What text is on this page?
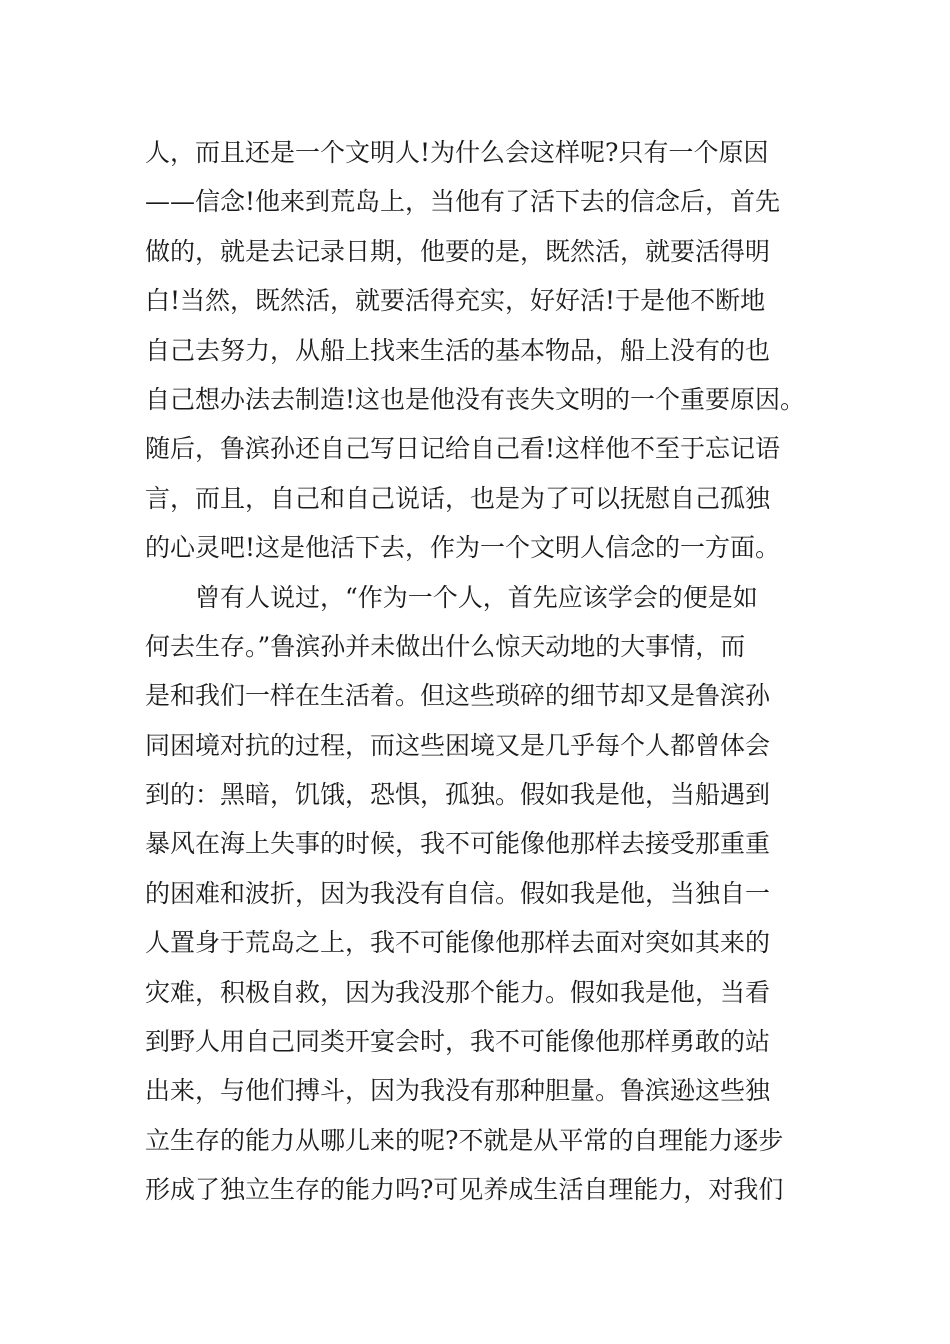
人，而且还是一个文明人!为什么会这样呢?只有一个原因
——信念!他来到荒岛上，当他有了活下去的信念后，首先
做的，就是去记录日期，他要的是，既然活，就要活得明
白!当然，既然活，就要活得充实，好好活!于是他不断地
自己去努力，从船上找来生活的基本物品，船上没有的也
自己想办法去制造!这也是他没有丧失文明的一个重要原因。
随后，鲁滨孙还自己写日记给自己看!这样他不至于忘记语
言，而且，自己和自己说话，也是为了可以抚慰自己孤独
的心灵吧!这是他活下去，作为一个文明人信念的一方面。
曾有人说过，“作为一个人，首先应该学会的便是如
何去生存。”鲁滨孙并未做出什么惊天动地的大事情，而
是和我们一样在生活着。但这些琐碎的细节却又是鲁滨孙
同困境对抗的过程，而这些困境又是几乎每个人都曾体会
到的：黑暗，饥饿，恐惧，孤独。假如我是他，当船遇到
暴风在海上失事的时候，我不可能像他那样去接受那重重
的困难和波折，因为我没有自信。假如我是他，当独自一
人置身于荒岛之上，我不可能像他那样去面对突如其来的
灾难，积极自救，因为我没那个能力。假如我是他，当看
到野人用自己同类开宴会时，我不可能像他那样勇敢的站
出来，与他们搏斗，因为我没有那种胆量。鲁滨逊这些独
立生存的能力从哪儿来的呢?不就是从平常的自理能力逐步
形成了独立生存的能力吗?可见养成生活自理能力，对我们
